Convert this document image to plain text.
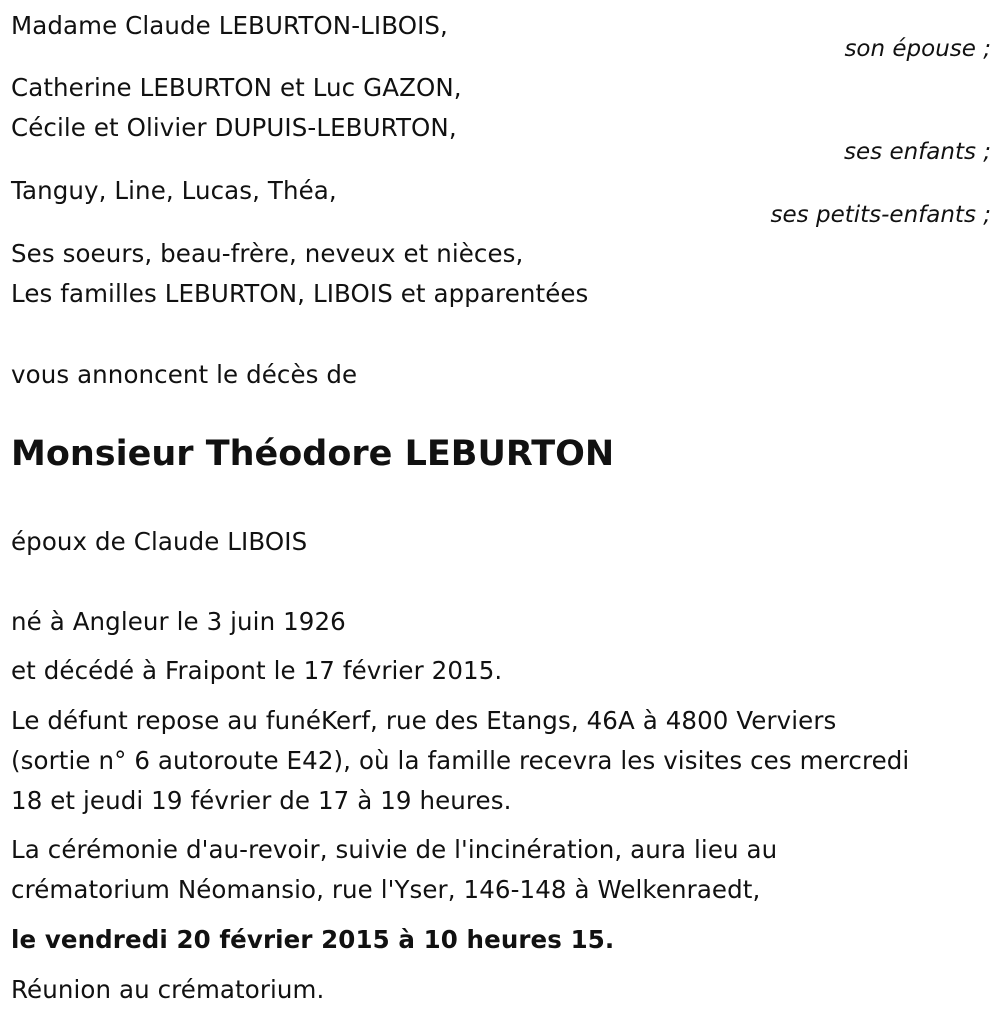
Madame Claude LEBURTON-LIBOIS,
son épouse ;
Catherine LEBURTON et Luc GAZON,
Cécile et Olivier DUPUIS-LEBURTON,
ses enfants ;
Tanguy, Line, Lucas, Théa,
ses petits-enfants ;
Ses soeurs, beau-frère, neveux et nièces,
Les familles LEBURTON, LIBOIS et apparentées
vous annoncent le décès de
Monsieur Théodore LEBURTON
époux de Claude LIBOIS
né à Angleur le 3 juin 1926
et décédé à Fraipont le 17 février 2015.
Le défunt repose au funéKerf, rue des Etangs, 46A à 4800 Verviers
(sortie n° 6 autoroute E42), où la famille recevra les visites ces mercredi
18 et jeudi 19 février de 17 à 19 heures.
La cérémonie d'au-revoir, suivie de l'incinération, aura lieu au
crématorium Néomansio, rue l'Yser, 146-148 à Welkenraedt,
le vendredi 20 février 2015 à 10 heures 15.
Réunion au crématorium.
